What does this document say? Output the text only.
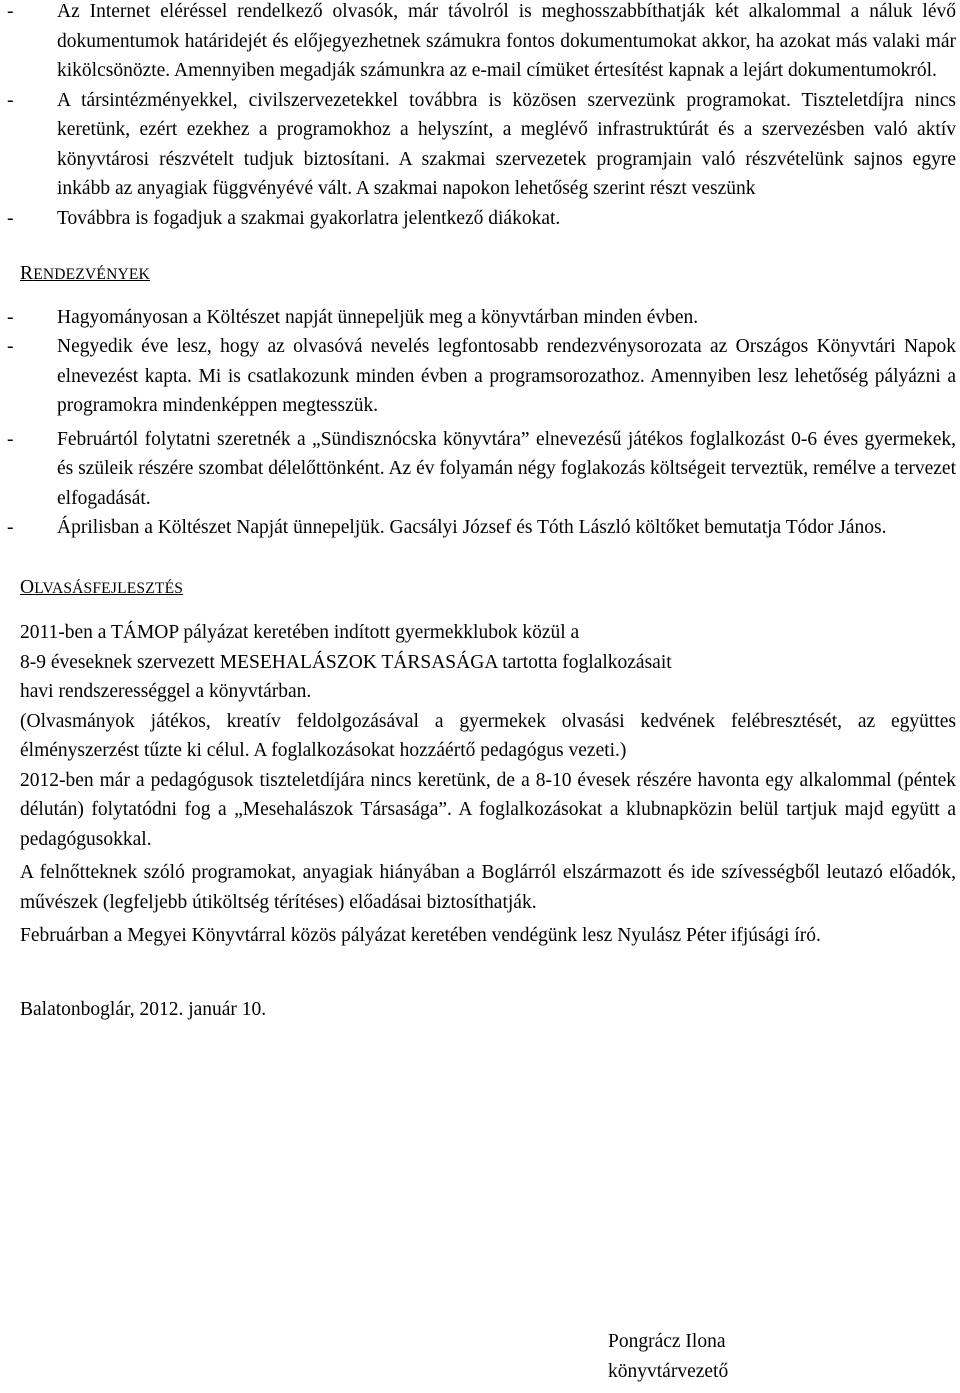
- Az Internet eléréssel rendelkező olvasók, már távolról is meghosszabbíthatják két alkalommal a náluk lévő dokumentumok határidejét és előjegyezhetnek számukra fontos dokumentumokat akkor, ha azokat más valaki már kikölcsönözte. Amennyiben megadják számunkra az e-mail címüket értesítést kapnak a lejárt dokumentumokról.
- A társintézményekkel, civilszervezetekkel továbbra is közösen szervezünk programokat. Tiszteletdíjra nincs keretünk, ezért ezekhez a programokhoz a helyszínt, a meglévő infrastruktúrát és a szervezésben való aktív könyvtárosi részvételt tudjuk biztosítani. A szakmai szervezetek programjain való részvételünk sajnos egyre inkább az anyagiak függvényévé vált. A szakmai napokon lehetőség szerint részt veszünk
- Továbbra is fogadjuk a szakmai gyakorlatra jelentkező diákokat.
RENDEZVÉNYEK
- Hagyományosan a Költészet napját ünnepeljük meg a könyvtárban minden évben.
- Negyedik éve lesz, hogy az olvasóvá nevelés legfontosabb rendezvénysorozata az Országos Könyvtári Napok elnevezést kapta. Mi is csatlakozunk minden évben a programsorozathoz. Amennyiben lesz lehetőség pályázni a programokra mindenképpen megtesszük.
- Februártól folytatni szeretnék a „Sündisznócska könyvtára” elnevezésű játékos foglalkozást 0-6 éves gyermekek, és szüleik részére szombat délelőttönként. Az év folyamán négy foglakozás költségeit terveztük, remélve a tervezet elfogadását.
- Áprilisban a Költészet Napját ünnepeljük. Gacsályi József és Tóth László költőket bemutatja Tódor János.
OLVASÁSFEJLESZTÉS

2011-ben a TÁMOP pályázat keretében indított gyermekklubok közül a

8-9 éveseknek szervezett MESEHALÁSZOK TÁRSASÁGA tartotta foglalkozásait

havi rendszerességgel a könyvtárban.

(Olvasmányok játékos, kreatív feldolgozásával a gyermekek olvasási kedvének felébresztését, az együttes élményszerzést tűzte ki célul. A foglalkozásokat hozzáértő pedagógus vezeti.)

2012-ben már a pedagógusok tiszteletdíjára nincs keretünk, de a 8-10 évesek részére havonta egy alkalommal (péntek délután) folytatódni fog a „Mesehalászok Társasága”. A foglalkozásokat a klubnapközin belül tartjuk majd együtt a pedagógusokkal.

A felnőtteknek szóló programokat, anyagiak hiányában a Boglárról elszármazott és ide szívességből leutazó előadók, művészek (legfeljebb útiköltség térítéses) előadásai biztosíthatják.

Februárban a Megyei Könyvtárral közös pályázat keretében vendégünk lesz Nyulász Péter ifjúsági író.

Balatonboglár, 2012. január 10.

Pongrácz Ilona
könyvtárvezető
